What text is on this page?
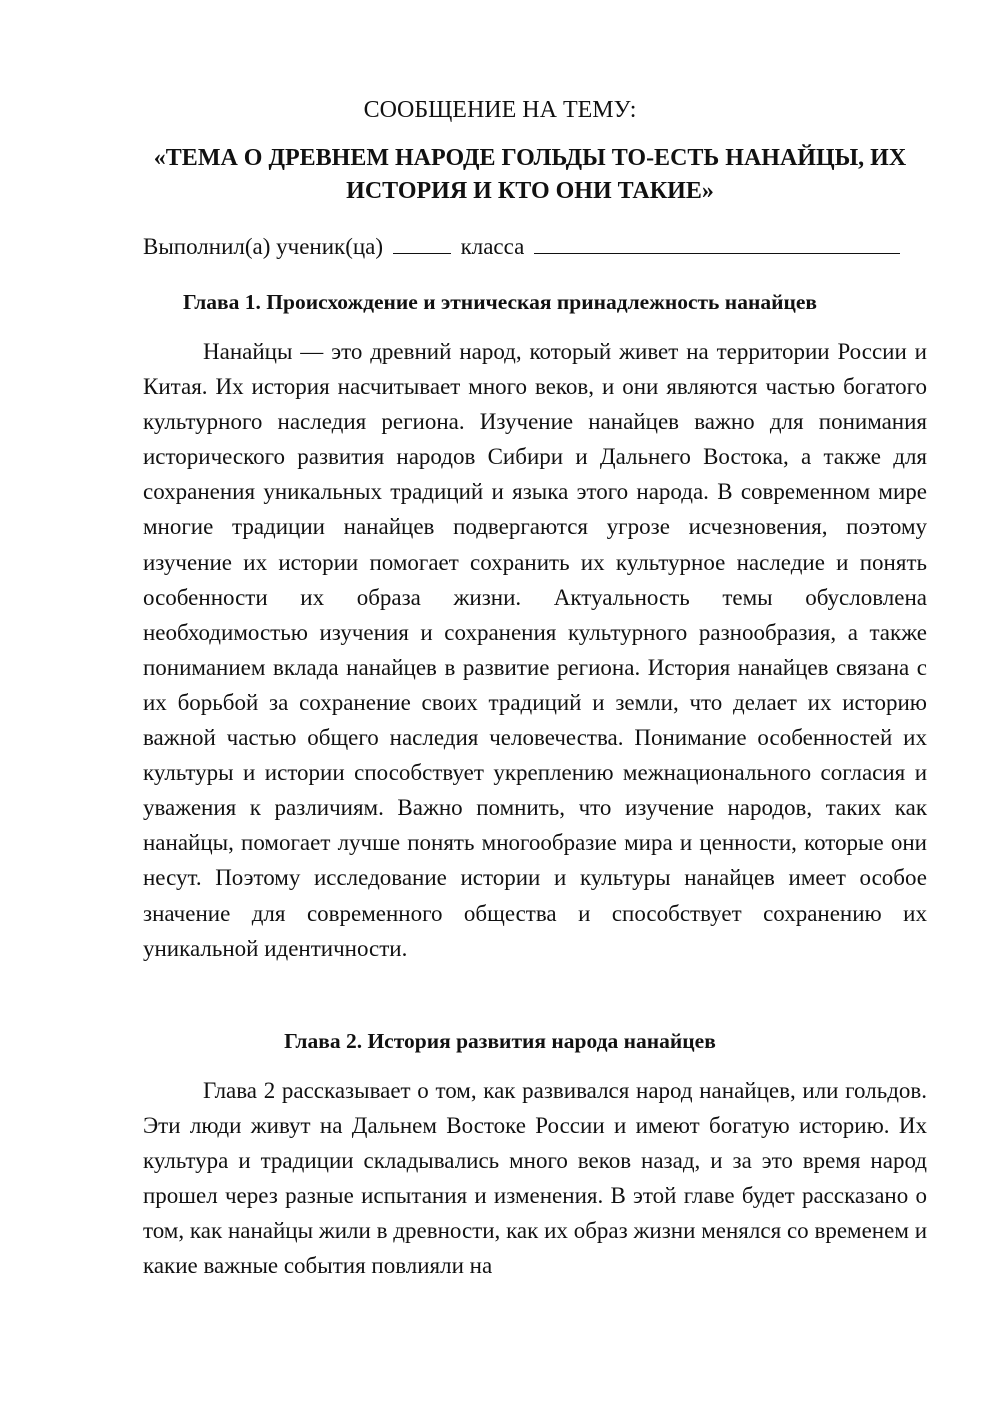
СООБЩЕНИЕ НА ТЕМУ:
«ТЕМА О ДРЕВНЕМ НАРОДЕ ГОЛЬДЫ ТО-ЕСТЬ НАНАЙЦЫ, ИХ ИСТОРИЯ И КТО ОНИ ТАКИЕ»
Выполнил(а) ученик(ца)	класса
Глава 1. Происхождение и этническая принадлежность нанайцев

Нанайцы — это древний народ, который живет на территории России и Китая. Их история насчитывает много веков, и они являются частью богатого культурного наследия региона. Изучение нанайцев важно для понимания исторического развития народов Сибири и Дальнего Востока, а также для сохранения уникальных традиций и языка этого народа. В современном мире многие традиции нанайцев подвергаются угрозе исчезновения, поэтому изучение их истории помогает сохранить их культурное наследие и понять особенности их образа жизни. Актуальность темы обусловлена необходимостью изучения и сохранения культурного разнообразия, а также пониманием вклада нанайцев в развитие региона. История нанайцев связана с их борьбой за сохранение своих традиций и земли, что делает их историю важной частью общего наследия человечества. Понимание особенностей их культуры и истории способствует укреплению межнационального согласия и уважения к различиям. Важно помнить, что изучение народов, таких как нанайцы, помогает лучше понять многообразие мира и ценности, которые они несут. Поэтому исследование истории и культуры нанайцев имеет особое значение для современного общества и способствует сохранению их уникальной идентичности.

Глава 2. История развития народа нанайцев

Глава 2 рассказывает о том, как развивался народ нанайцев, или гольдов. Эти люди живут на Дальнем Востоке России и имеют богатую историю. Их культура и традиции складывались много веков назад, и за это время народ прошел через разные испытания и изменения. В этой главе будет рассказано о том, как нанайцы жили в древности, как их образ жизни менялся со временем и какие важные события повлияли на
